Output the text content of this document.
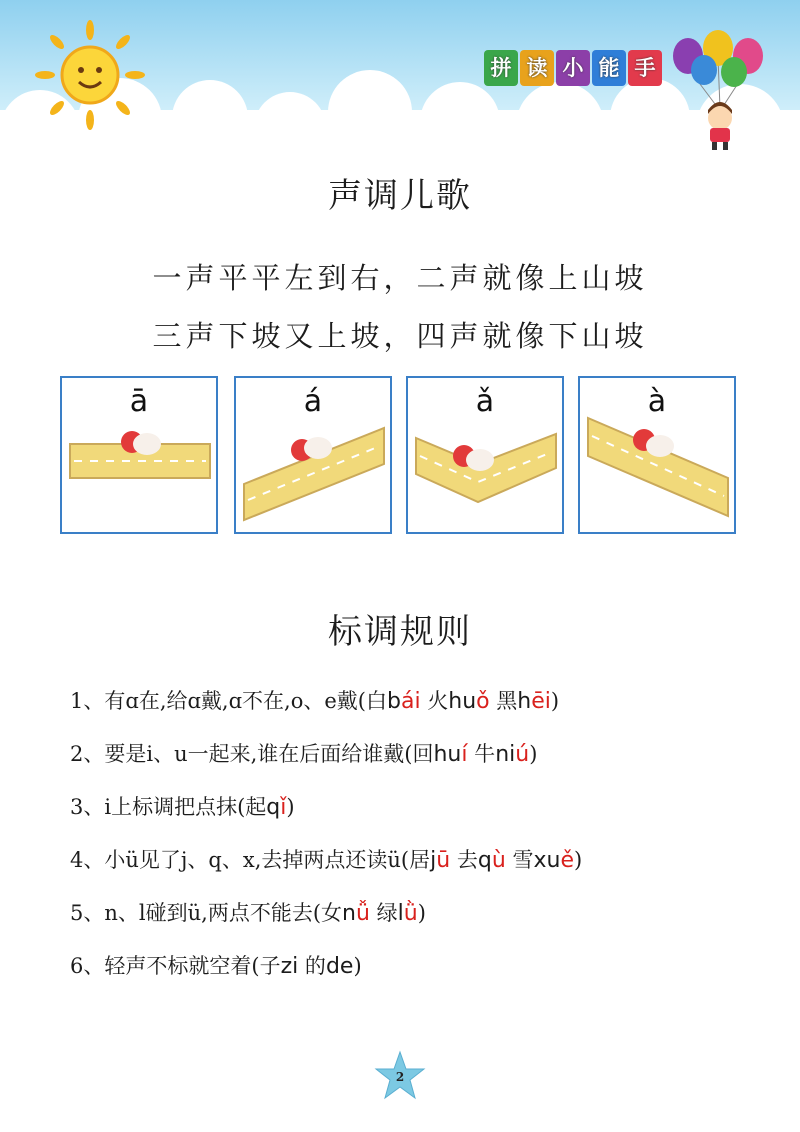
拼 读 小 能 手
声调儿歌
一声平平左到右，二声就像上山坡
三声下坡又上坡，四声就像下山坡
ā	á	ǎ	à
标调规则
1、有ɑ在,给ɑ戴,ɑ不在,o、e戴(白bái 火huǒ 黑hēi)
2、要是i、u一起来,谁在后面给谁戴(回huí 牛niú)
3、i上标调把点抹(起qǐ)
4、小ü见了j、q、x,去掉两点还读ü(居jū 去qù 雪xuě)
5、n、l碰到ü,两点不能去(女nǚ 绿lǜ)
6、轻声不标就空着(子zi 的de)
2
